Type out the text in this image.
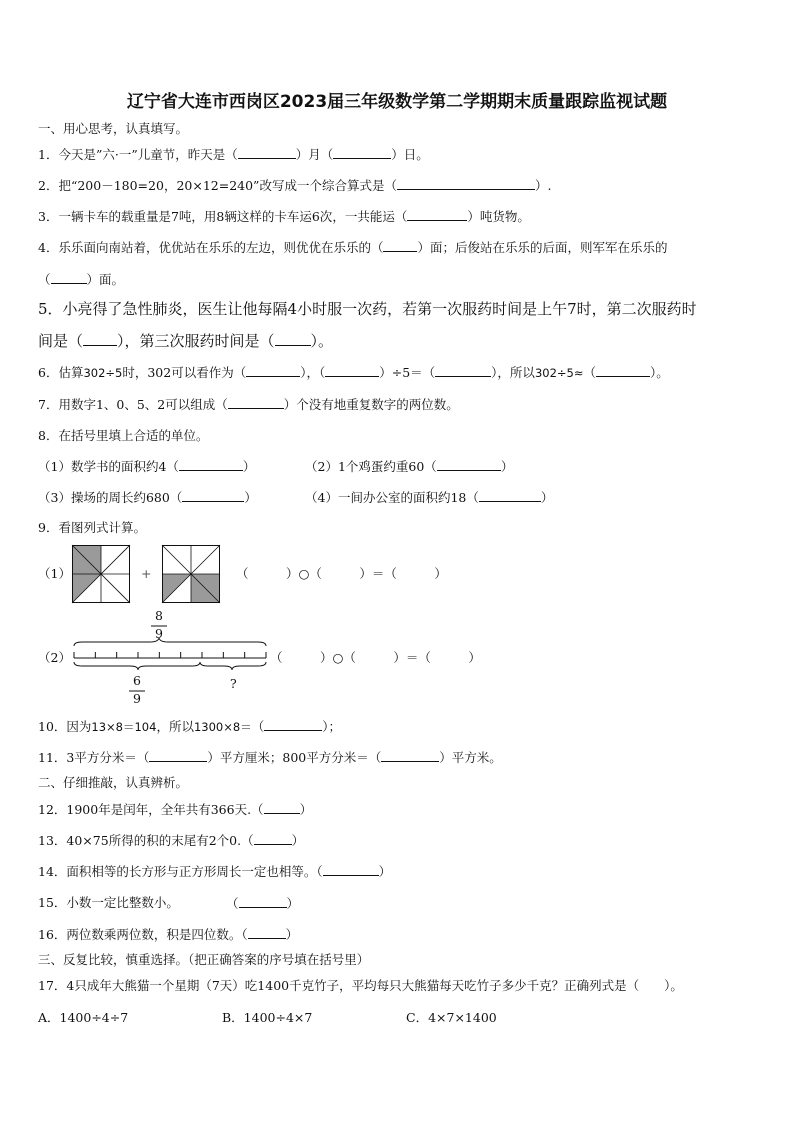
辽宁省大连市西岗区2023届三年级数学第二学期期末质量跟踪监视试题
一、用心思考，认真填写。
1．今天是”六·一”儿童节，昨天是（	）月（	）日。
2．把“200－180=20，20×12=240”改写成一个综合算式是（	）.
3．一辆卡车的载重量是7吨，用8辆这样的卡车运6次，一共能运（	）吨货物。
4．乐乐面向南站着，优优站在乐乐的左边，则优优在乐乐的（	）面；后俊站在乐乐的后面，则军军在乐乐的
（	）面。
5．小亮得了急性肺炎，医生让他每隔4小时服一次药，若第一次服药时间是上午7时，第二次服药时
间是（ ），第三次服药时间是（ ）。
6．估算302÷5时，302可以看作为（	），（	）÷5＝（	），所以302÷5≈（	）。
7．用数字1、0、5、2可以组成（	）个没有地重复数字的两位数。
8．在括号里填上合适的单位。
（1）数学书的面积约4（	）	（2）1个鸡蛋约重60（	）
（3）操场的周长约680（	）	（4）一间办公室的面积约18（	）
9．看图列式计算。
（1）	+	（　　　）○（　　　）＝（　　　）
8
9
（2）	（　　　）○（　　　）＝（　　　）
6
9
?
10．因为13×8＝104，所以1300×8＝（	）；
11．3平方分米＝（	）平方厘米；800平方分米＝（	）平方米。
二、仔细推敲，认真辨析。
12．1900年是闰年，全年共有366天.（	）
13．40×75所得的积的末尾有2个0.（	）
14．面积相等的长方形与正方形周长一定也相等。（	）
15．小数一定比整数小。	（	）
16．两位数乘两位数，积是四位数。（	）
三、反复比较，慎重选择。（把正确答案的序号填在括号里）
17．4只成年大熊猫一个星期（7天）吃1400千克竹子，平均每只大熊猫每天吃竹子多少千克？正确列式是（　　）。
A．1400÷4÷7	B．1400÷4×7	C．4×7×1400
